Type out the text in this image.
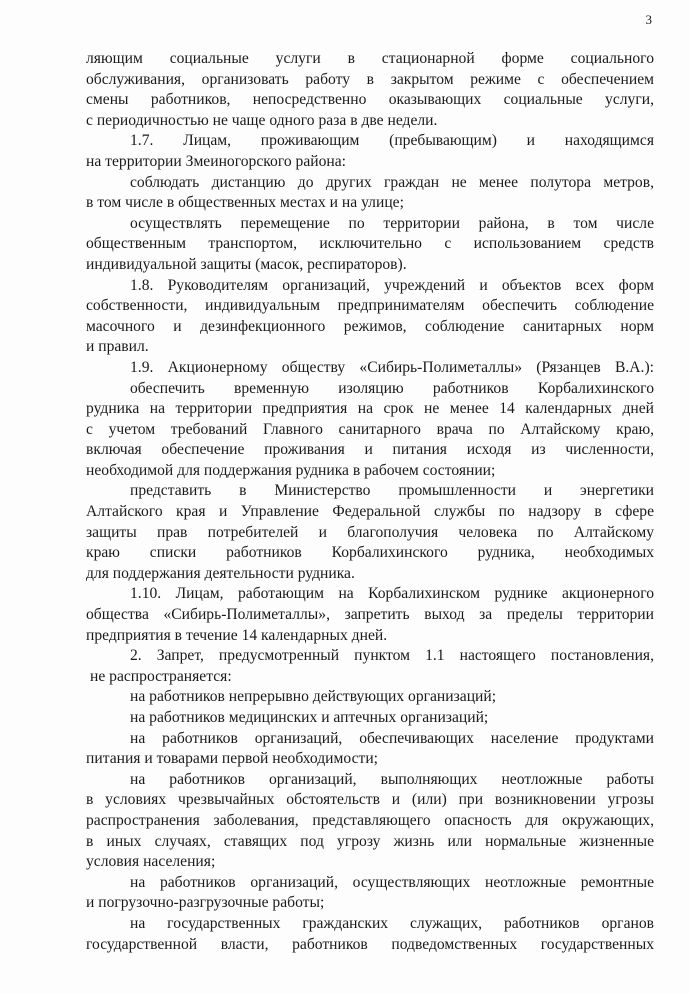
3
ляющим социальные услуги в стационарной форме социального
обслуживания, организовать работу в закрытом режиме с обеспечением
смены работников, непосредственно оказывающих социальные услуги,
с периодичностью не чаще одного раза в две недели.
1.7. Лицам, проживающим (пребывающим) и находящимся
на территории Змеиногорского района:
соблюдать дистанцию до других граждан не менее полутора метров,
в том числе в общественных местах и на улице;
осуществлять перемещение по территории района, в том числе
общественным транспортом, исключительно с использованием средств
индивидуальной защиты (масок, респираторов).
1.8. Руководителям организаций, учреждений и объектов всех форм
собственности, индивидуальным предпринимателям обеспечить соблюдение
масочного и дезинфекционного режимов, соблюдение санитарных норм
и правил.
1.9. Акционерному обществу «Сибирь-Полиметаллы» (Рязанцев В.А.):
обеспечить временную изоляцию работников Корбалихинского
рудника на территории предприятия на срок не менее 14 календарных дней
с учетом требований Главного санитарного врача по Алтайскому краю,
включая обеспечение проживания и питания исходя из численности,
необходимой для поддержания рудника в рабочем состоянии;
представить в Министерство промышленности и энергетики
Алтайского края и Управление Федеральной службы по надзору в сфере
защиты прав потребителей и благополучия человека по Алтайскому
краю списки работников Корбалихинского рудника, необходимых
для поддержания деятельности рудника.
1.10. Лицам, работающим на Корбалихинском руднике акционерного
общества «Сибирь-Полиметаллы», запретить выход за пределы территории
предприятия в течение 14 календарных дней.
2. Запрет, предусмотренный пунктом 1.1 настоящего постановления,
не распространяется:
на работников непрерывно действующих организаций;
на работников медицинских и аптечных организаций;
на работников организаций, обеспечивающих население продуктами
питания и товарами первой необходимости;
на работников организаций, выполняющих неотложные работы
в условиях чрезвычайных обстоятельств и (или) при возникновении угрозы
распространения заболевания, представляющего опасность для окружающих,
в иных случаях, ставящих под угрозу жизнь или нормальные жизненные
условия населения;
на работников организаций, осуществляющих неотложные ремонтные
и погрузочно-разгрузочные работы;
на государственных гражданских служащих, работников органов
государственной власти, работников подведомственных государственных
